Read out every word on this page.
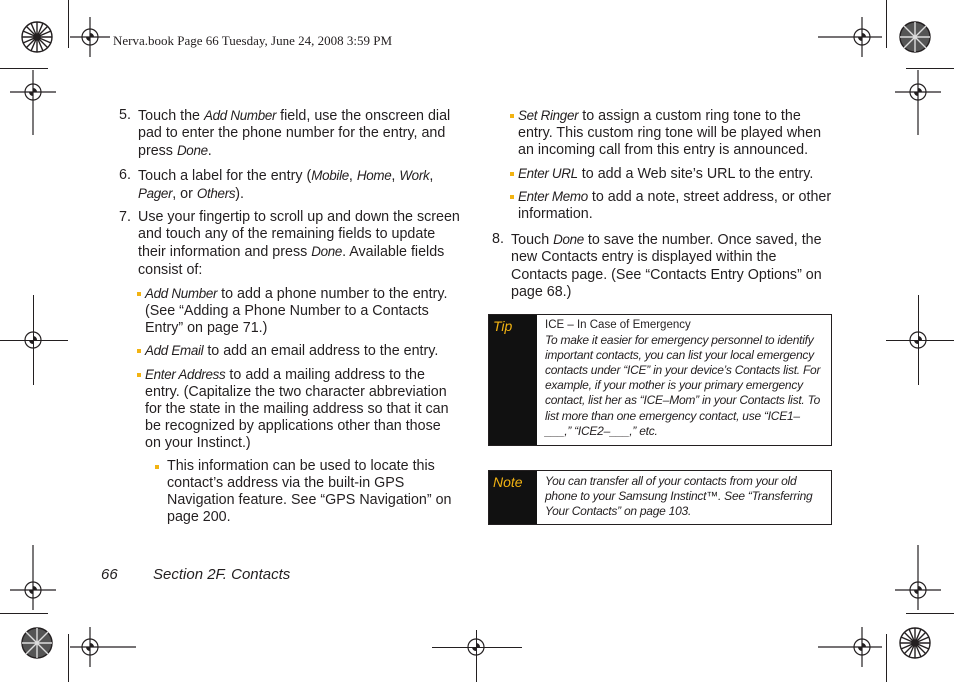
Nerva.book Page 66 Tuesday, June 24, 2008 3:59 PM
5. Touch the Add Number field, use the onscreen dial pad to enter the phone number for the entry, and press Done.
6. Touch a label for the entry (Mobile, Home, Work, Pager, or Others).
7. Use your fingertip to scroll up and down the screen and touch any of the remaining fields to update their information and press Done. Available fields consist of:
Add Number to add a phone number to the entry. (See “Adding a Phone Number to a Contacts Entry” on page 71.)
Add Email to add an email address to the entry.
Enter Address to add a mailing address to the entry. (Capitalize the two character abbreviation for the state in the mailing address so that it can be recognized by applications other than those on your Instinct.)
This information can be used to locate this contact’s address via the built-in GPS Navigation feature. See “GPS Navigation” on page 200.
Set Ringer to assign a custom ring tone to the entry. This custom ring tone will be played when an incoming call from this entry is announced.
Enter URL to add a Web site’s URL to the entry.
Enter Memo to add a note, street address, or other information.
8. Touch Done to save the number. Once saved, the new Contacts entry is displayed within the Contacts page. (See “Contacts Entry Options” on page 68.)
Tip	ICE – In Case of Emergency
To make it easier for emergency personnel to identify important contacts, you can list your local emergency contacts under “ICE” in your device’s Contacts list. For example, if your mother is your primary emergency contact, list her as “ICE–Mom” in your Contacts list. To list more than one emergency contact, use “ICE1–___,” “ICE2–___,” etc.
Note	You can transfer all of your contacts from your old phone to your Samsung Instinct™. See “Transferring Your Contacts” on page 103.
66 Section 2F. Contacts
